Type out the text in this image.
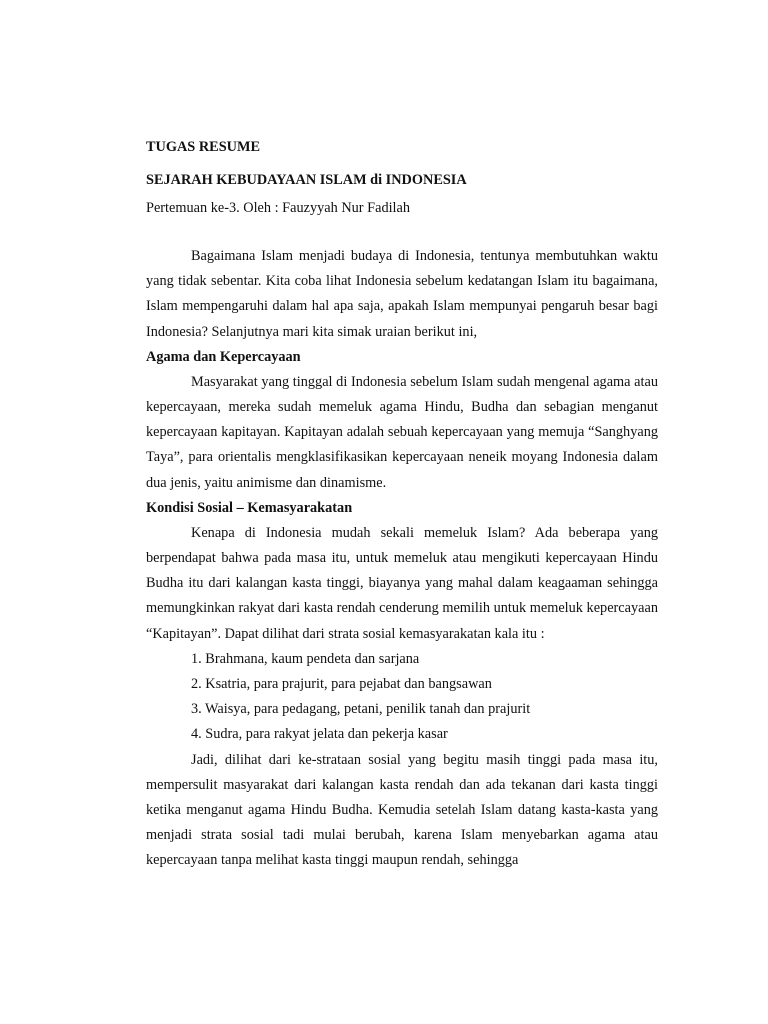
TUGAS RESUME

SEJARAH KEBUDAYAAN ISLAM di INDONESIA

Pertemuan ke-3. Oleh : Fauzyyah Nur Fadilah

Bagaimana Islam menjadi budaya di Indonesia, tentunya membutuhkan waktu yang tidak sebentar. Kita coba lihat Indonesia sebelum kedatangan Islam itu bagaimana, Islam mempengaruhi dalam hal apa saja, apakah Islam mempunyai pengaruh besar bagi Indonesia? Selanjutnya mari kita simak uraian berikut ini,

Agama dan Kepercayaan

Masyarakat yang tinggal di Indonesia sebelum Islam sudah mengenal agama atau kepercayaan, mereka sudah memeluk agama Hindu, Budha dan sebagian menganut kepercayaan kapitayan. Kapitayan adalah sebuah kepercayaan yang memuja “Sanghyang Taya”, para orientalis mengklasifikasikan kepercayaan neneik moyang Indonesia dalam dua jenis, yaitu animisme dan dinamisme.

Kondisi Sosial – Kemasyarakatan

Kenapa di Indonesia mudah sekali memeluk Islam? Ada beberapa yang berpendapat bahwa pada masa itu, untuk memeluk atau mengikuti kepercayaan Hindu Budha itu dari kalangan kasta tinggi, biayanya yang mahal dalam keagaaman sehingga memungkinkan rakyat dari kasta rendah cenderung memilih untuk memeluk kepercayaan “Kapitayan”. Dapat dilihat dari strata sosial kemasyarakatan kala itu :

1. Brahmana, kaum pendeta dan sarjana
2. Ksatria, para prajurit, para pejabat dan bangsawan
3. Waisya, para pedagang, petani, penilik tanah dan prajurit
4. Sudra, para rakyat jelata dan pekerja kasar

Jadi, dilihat dari ke-strataan sosial yang begitu masih tinggi pada masa itu, mempersulit masyarakat dari kalangan kasta rendah dan ada tekanan dari kasta tinggi ketika menganut agama Hindu Budha. Kemudia setelah Islam datang kasta-kasta yang menjadi strata sosial tadi mulai berubah, karena Islam menyebarkan agama atau kepercayaan tanpa melihat kasta tinggi maupun rendah, sehingga
